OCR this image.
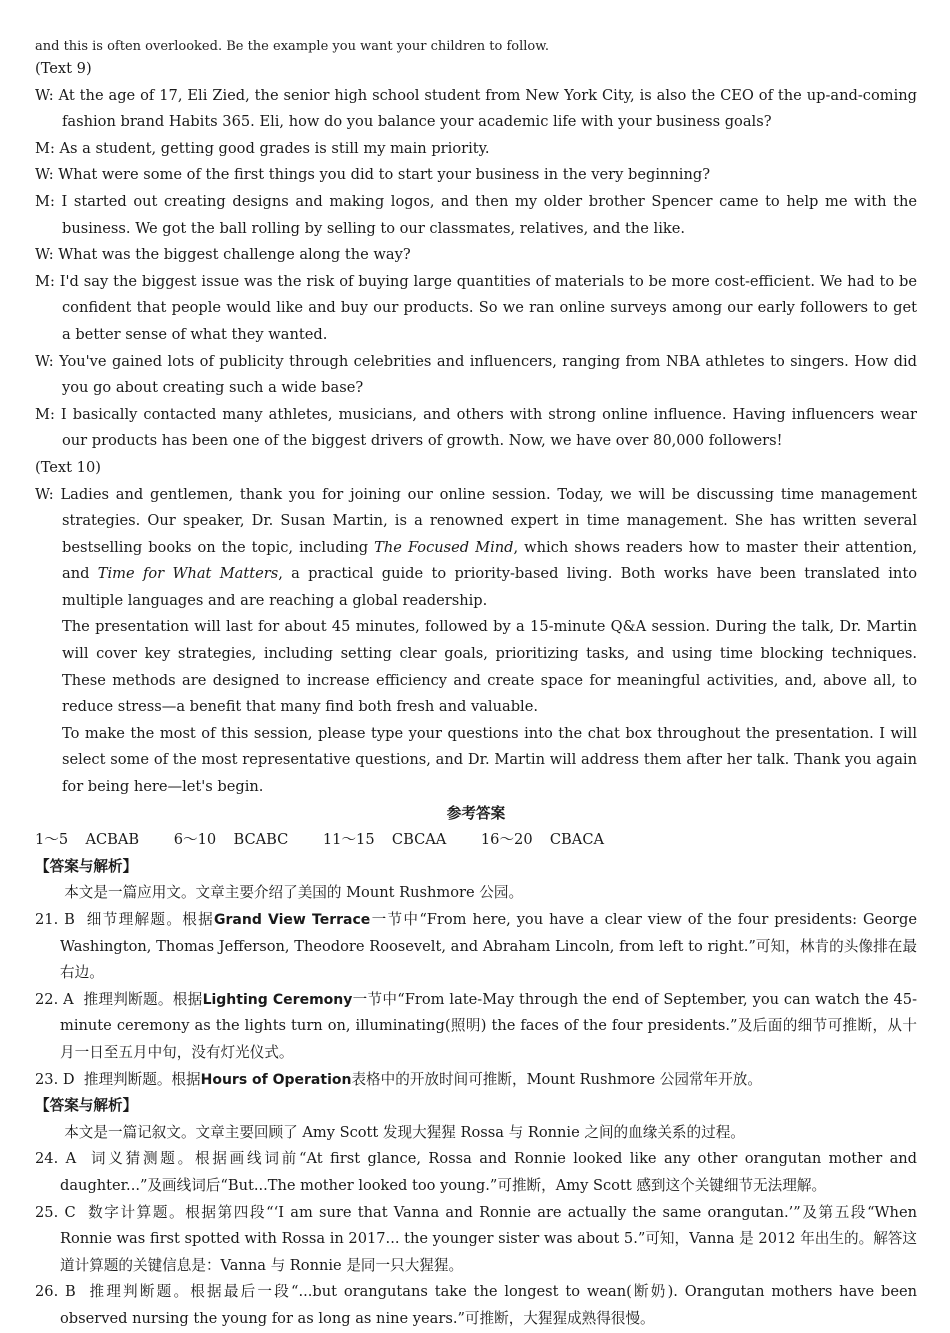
and this is often overlooked. Be the example you want your children to follow.

(Text 9)

W: At the age of 17, Eli Zied, the senior high school student from New York City, is also the CEO of the up-and-coming fashion brand Habits 365. Eli, how do you balance your academic life with your business goals?

M: As a student, getting good grades is still my main priority.

W: What were some of the first things you did to start your business in the very beginning?

M: I started out creating designs and making logos, and then my older brother Spencer came to help me with the business. We got the ball rolling by selling to our classmates, relatives, and the like.

W: What was the biggest challenge along the way?

M: I'd say the biggest issue was the risk of buying large quantities of materials to be more cost-efficient. We had to be confident that people would like and buy our products. So we ran online surveys among our early followers to get a better sense of what they wanted.

W: You've gained lots of publicity through celebrities and influencers, ranging from NBA athletes to singers. How did you go about creating such a wide base?

M: I basically contacted many athletes, musicians, and others with strong online influence. Having influencers wear our products has been one of the biggest drivers of growth. Now, we have over 80,000 followers!

(Text 10)

W: Ladies and gentlemen, thank you for joining our online session. Today, we will be discussing time management strategies. Our speaker, Dr. Susan Martin, is a renowned expert in time management. She has written several bestselling books on the topic, including The Focused Mind, which shows readers how to master their attention, and Time for What Matters, a practical guide to priority-based living. Both works have been translated into multiple languages and are reaching a global readership.

The presentation will last for about 45 minutes, followed by a 15-minute Q&A session. During the talk, Dr. Martin will cover key strategies, including setting clear goals, prioritizing tasks, and using time blocking techniques. These methods are designed to increase efficiency and create space for meaningful activities, and, above all, to reduce stress—a benefit that many find both fresh and valuable.

To make the most of this session, please type your questions into the chat box throughout the presentation. I will select some of the most representative questions, and Dr. Martin will address them after her talk. Thank you again for being here—let's begin.

参考答案

1～5 ACBAB 6～10 BCABC 11～15 CBCAA 16～20 CBACA

【答案与解析】

本文是一篇应用文。文章主要介绍了美国的 Mount Rushmore 公园。

21. B 细节理解题。根据Grand View Terrace一节中“From here, you have a clear view of the four presidents: George Washington, Thomas Jefferson, Theodore Roosevelt, and Abraham Lincoln, from left to right.”可知，林肯的头像排在最右边。

22. A 推理判断题。根据Lighting Ceremony一节中“From late-May through the end of September, you can watch the 45-minute ceremony as the lights turn on, illuminating(照明) the faces of the four presidents.”及后面的细节可推断，从十月一日至五月中旬，没有灯光仪式。

23. D 推理判断题。根据Hours of Operation表格中的开放时间可推断，Mount Rushmore 公园常年开放。

【答案与解析】

本文是一篇记叙文。文章主要回顾了 Amy Scott 发现大猩猩 Rossa 与 Ronnie 之间的血缘关系的过程。

24. A 词义猜测题。根据画线词前“At first glance, Rossa and Ronnie looked like any other orangutan mother and daughter...”及画线词后“But...The mother looked too young.”可推断，Amy Scott 感到这个关键细节无法理解。

25. C 数字计算题。根据第四段“‘I am sure that Vanna and Ronnie are actually the same orangutan.’”及第五段“When Ronnie was first spotted with Rossa in 2017... the younger sister was about 5.”可知，Vanna 是 2012 年出生的。解答这道计算题的关键信息是：Vanna 与 Ronnie 是同一只大猩猩。

26. B 推理判断题。根据最后一段“...but orangutans take the longest to wean(断奶). Orangutan mothers have been observed nursing the young for as long as nine years.”可推断，大猩猩成熟得很慢。
